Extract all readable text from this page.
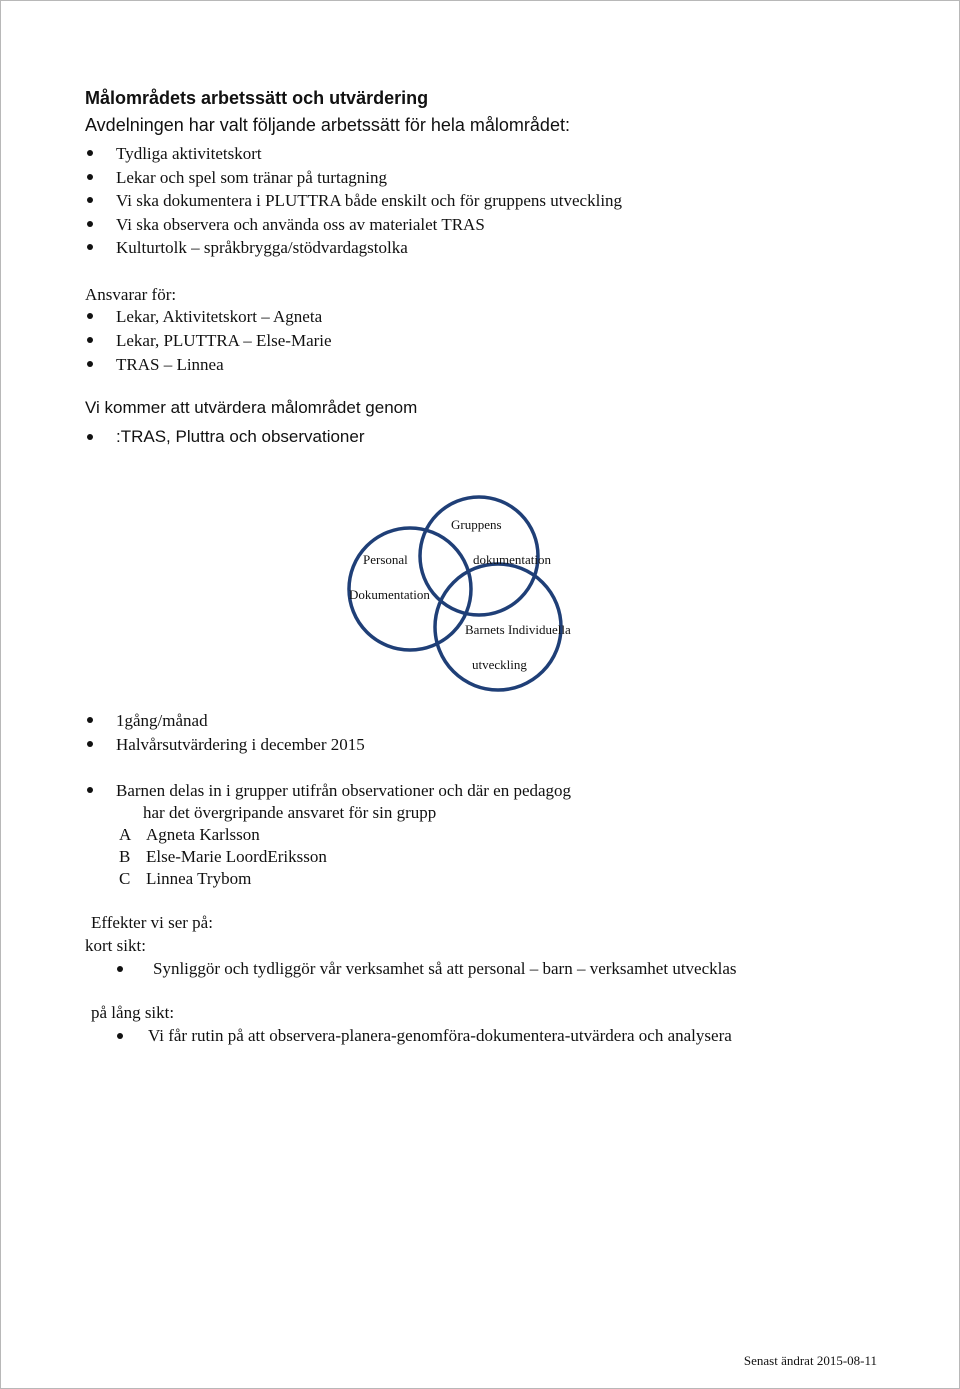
Målområdets arbetssätt och utvärdering
Avdelningen har valt följande arbetssätt för hela målområdet:
Tydliga aktivitetskort
Lekar och spel som tränar på turtagning
Vi ska dokumentera i PLUTTRA både enskilt och för gruppens utveckling
Vi ska observera och använda oss av materialet TRAS
Kulturtolk – språkbrygga/stödvardagstolka
Ansvarar för:
Lekar, Aktivitetskort – Agneta
Lekar, PLUTTRA – Else-Marie
TRAS – Linnea
Vi kommer att utvärdera målområdet genom
:TRAS, Pluttra och observationer
Gruppens
dokumentation
Personal
Dokumentation
Barnets Individuella
utveckling
1gång/månad
Halvårsutvärdering i december 2015
Barnen delas in i grupper utifrån observationer och där en pedagog
har det övergripande ansvaret för sin grupp
A Agneta Karlsson
B Else-Marie LoordEriksson
C Linnea Trybom
Effekter vi ser på:
kort sikt:
Synliggör och tydliggör vår verksamhet så att personal – barn – verksamhet utvecklas
på lång sikt:
Vi får rutin på att observera-planera-genomföra-dokumentera-utvärdera och analysera
Senast ändrat 2015-08-11
